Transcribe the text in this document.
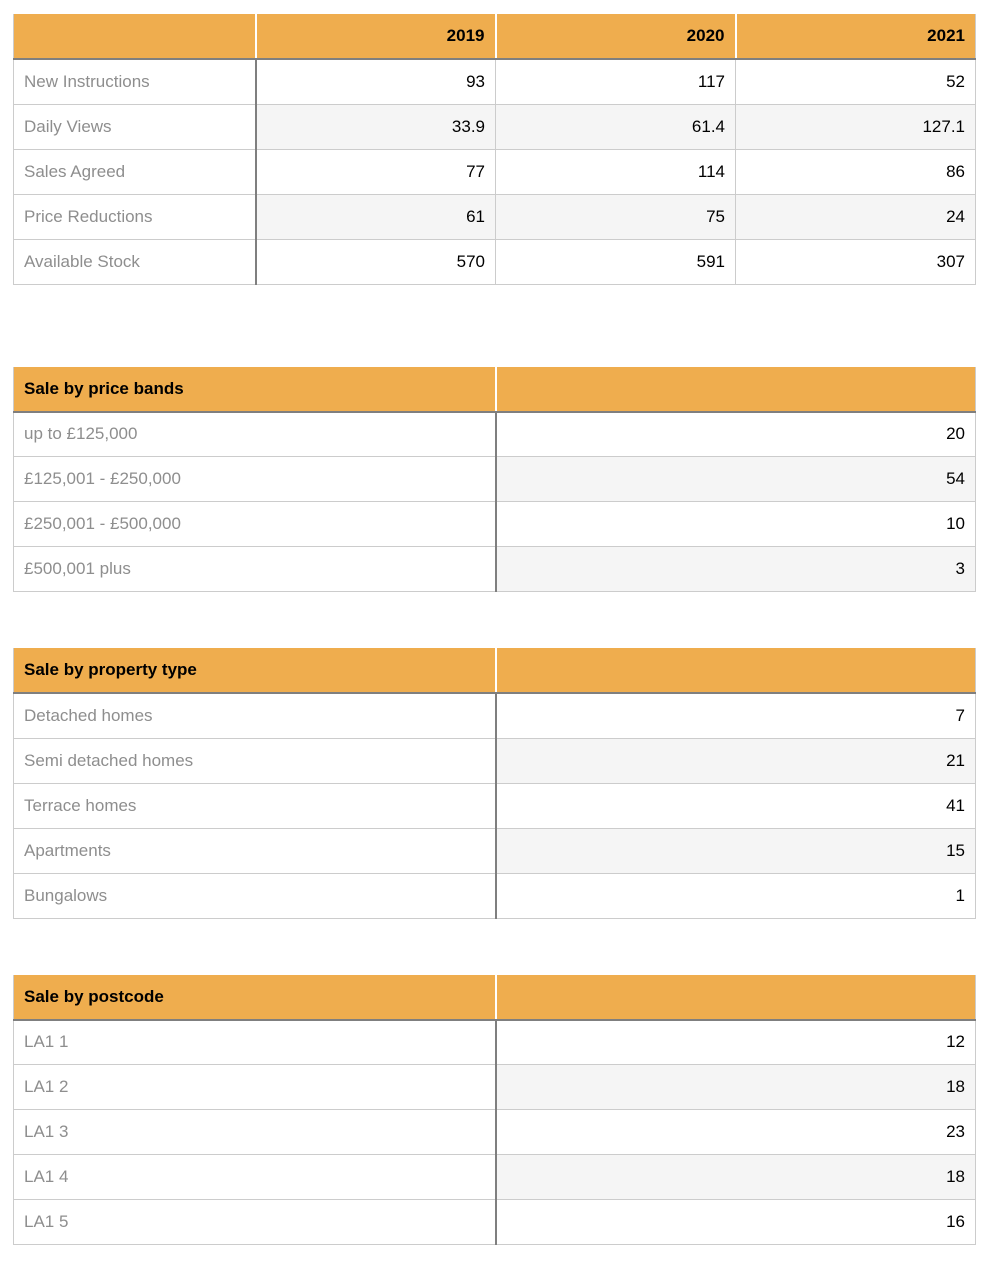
	2019	2020	2021
New Instructions	93	117	52
Daily Views	33.9	61.4	127.1
Sales Agreed	77	114	86
Price Reductions	61	75	24
Available Stock	570	591	307
Sale by price bands	
up to £125,000	20
£125,001 - £250,000	54
£250,001 - £500,000	10
£500,001 plus	3
Sale by property type	
Detached homes	7
Semi detached homes	21
Terrace homes	41
Apartments	15
Bungalows	1
Sale by postcode	
LA1 1	12
LA1 2	18
LA1 3	23
LA1 4	18
LA1 5	16
